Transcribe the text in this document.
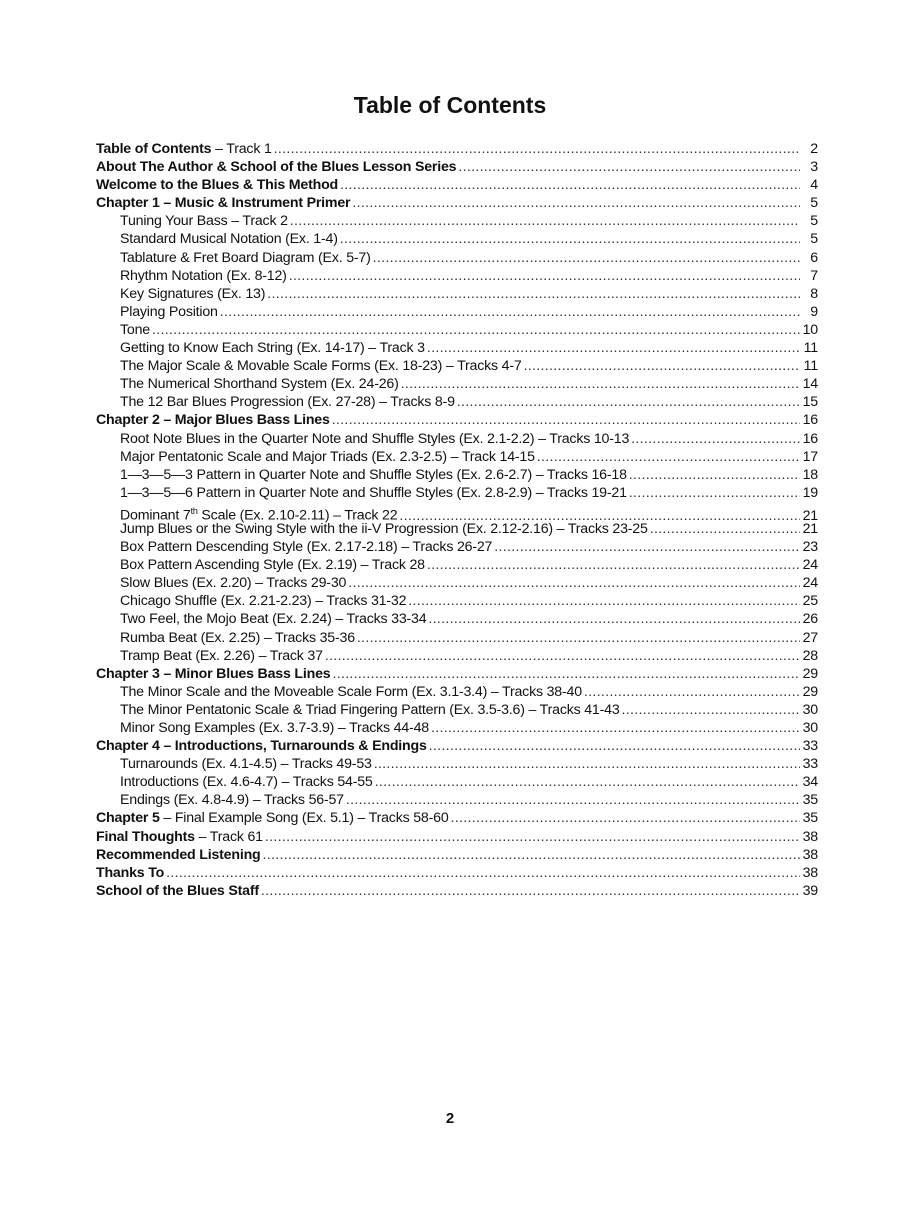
Table of Contents
Table of Contents – Track 1 .....	2
About The Author & School of the Blues Lesson Series .....	3
Welcome to the Blues & This Method .....	4
Chapter 1 – Music & Instrument Primer .....	5
Tuning Your Bass – Track 2 .....	5
Standard Musical Notation (Ex. 1-4) .....	5
Tablature & Fret Board Diagram (Ex. 5-7) .....	6
Rhythm Notation (Ex. 8-12) .....	7
Key Signatures (Ex. 13) .....	8
Playing Position .....	9
Tone .....	10
Getting to Know Each String (Ex. 14-17) – Track 3 .....	11
The Major Scale & Movable Scale Forms (Ex. 18-23) – Tracks 4-7 .....	11
The Numerical Shorthand System (Ex. 24-26) .....	14
The 12 Bar Blues Progression (Ex. 27-28) – Tracks 8-9 .....	15
Chapter 2 – Major Blues Bass Lines .....	16
Root Note Blues in the Quarter Note and Shuffle Styles (Ex. 2.1-2.2) – Tracks 10-13 .....	16
Major Pentatonic Scale and Major Triads (Ex. 2.3-2.5) – Track 14-15 .....	17
1—3—5—3 Pattern in Quarter Note and Shuffle Styles (Ex. 2.6-2.7) – Tracks 16-18 .....	18
1—3—5—6 Pattern in Quarter Note and Shuffle Styles (Ex. 2.8-2.9) – Tracks 19-21 .....	19
Dominant 7th Scale (Ex. 2.10-2.11) – Track 22 .....	21
Jump Blues or the Swing Style with the ii-V Progression (Ex. 2.12-2.16) – Tracks 23-25 .....	21
Box Pattern Descending Style (Ex. 2.17-2.18) – Tracks 26-27 .....	23
Box Pattern Ascending Style (Ex. 2.19) – Track 28 .....	24
Slow Blues (Ex. 2.20) – Tracks 29-30 .....	24
Chicago Shuffle (Ex. 2.21-2.23) – Tracks 31-32 .....	25
Two Feel, the Mojo Beat (Ex. 2.24) – Tracks 33-34 .....	26
Rumba Beat (Ex. 2.25) – Tracks 35-36 .....	27
Tramp Beat (Ex. 2.26) – Track 37 .....	28
Chapter 3 – Minor Blues Bass Lines .....	29
The Minor Scale and the Moveable Scale Form (Ex. 3.1-3.4) – Tracks 38-40 .....	29
The Minor Pentatonic Scale & Triad Fingering Pattern (Ex. 3.5-3.6) – Tracks 41-43 .....	30
Minor Song Examples (Ex. 3.7-3.9) – Tracks 44-48 .....	30
Chapter 4 – Introductions, Turnarounds & Endings .....	33
Turnarounds (Ex. 4.1-4.5) – Tracks 49-53 .....	33
Introductions (Ex. 4.6-4.7) – Tracks 54-55 .....	34
Endings (Ex. 4.8-4.9) – Tracks 56-57 .....	35
Chapter 5 – Final Example Song (Ex. 5.1) – Tracks 58-60 .....	35
Final Thoughts – Track 61 .....	38
Recommended Listening .....	38
Thanks To .....	38
School of the Blues Staff .....	39
2
